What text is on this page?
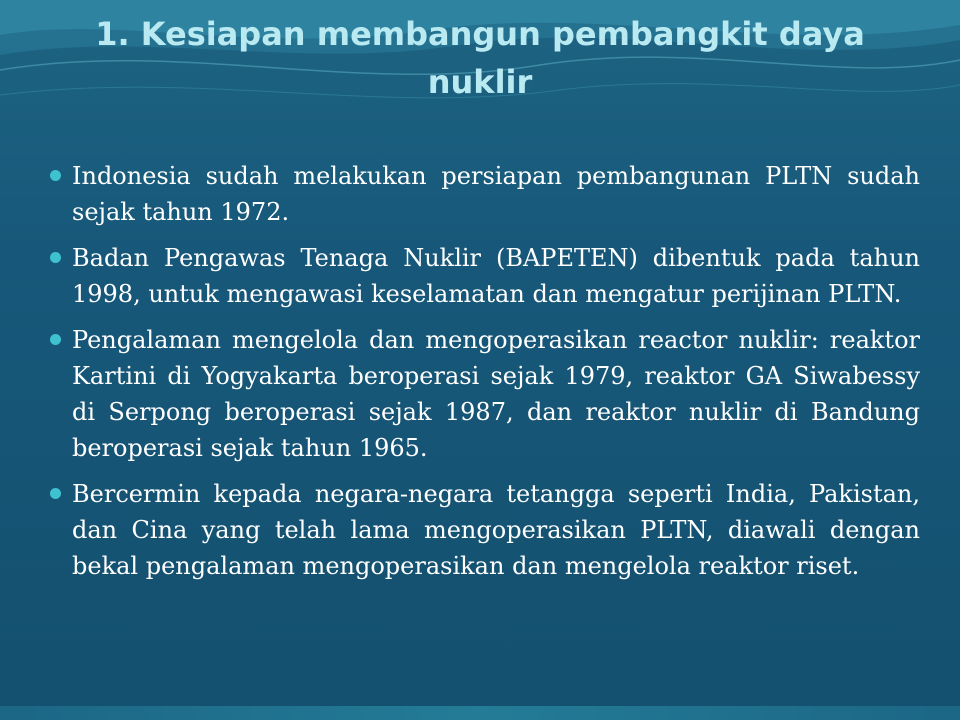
1. Kesiapan membangun pembangkit daya nuklir
Indonesia sudah melakukan persiapan pembangunan PLTN sudah sejak tahun 1972.
Badan Pengawas Tenaga Nuklir (BAPETEN) dibentuk pada tahun 1998, untuk mengawasi keselamatan dan mengatur perijinan PLTN.
Pengalaman mengelola dan mengoperasikan reactor nuklir: reaktor Kartini di Yogyakarta beroperasi sejak 1979, reaktor GA Siwabessy di Serpong beroperasi sejak 1987, dan reaktor nuklir di Bandung beroperasi sejak tahun 1965.
Bercermin kepada negara-negara tetangga seperti India, Pakistan, dan Cina yang telah lama mengoperasikan PLTN, diawali dengan bekal pengalaman mengoperasikan dan mengelola reaktor riset.
